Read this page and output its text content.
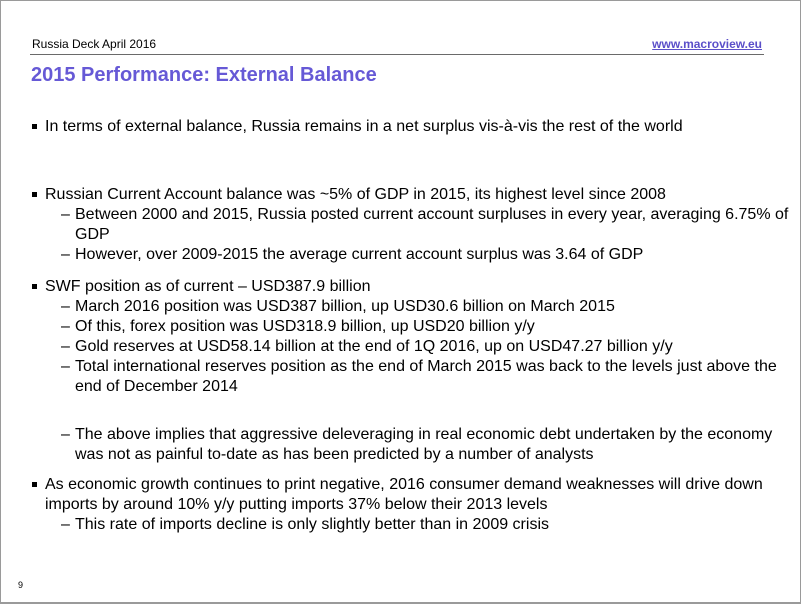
Russia Deck April 2016	www.macroview.eu
2015 Performance: External Balance
In terms of external balance, Russia remains in a net surplus vis-à-vis the rest of the world
Russian Current Account balance was ~5% of GDP in 2015, its highest level since 2008
– Between 2000 and 2015, Russia posted current account surpluses in every year, averaging 6.75% of GDP
– However, over 2009-2015 the average current account surplus was 3.64 of GDP
SWF position as of current – USD387.9 billion
– March 2016 position was USD387 billion, up USD30.6 billion on March 2015
– Of this, forex position was USD318.9 billion, up USD20 billion y/y
– Gold reserves at USD58.14 billion at the end of 1Q 2016, up on USD47.27 billion y/y
– Total international reserves position as the end of March 2015 was back to the levels just above the end of December 2014
– The above implies that aggressive deleveraging in real economic debt undertaken by the economy was not as painful to-date as has been predicted by a number of analysts
As economic growth continues to print negative, 2016 consumer demand weaknesses will drive down imports by around 10% y/y putting imports 37% below their 2013 levels
– This rate of imports decline is only slightly better than in 2009 crisis
9
